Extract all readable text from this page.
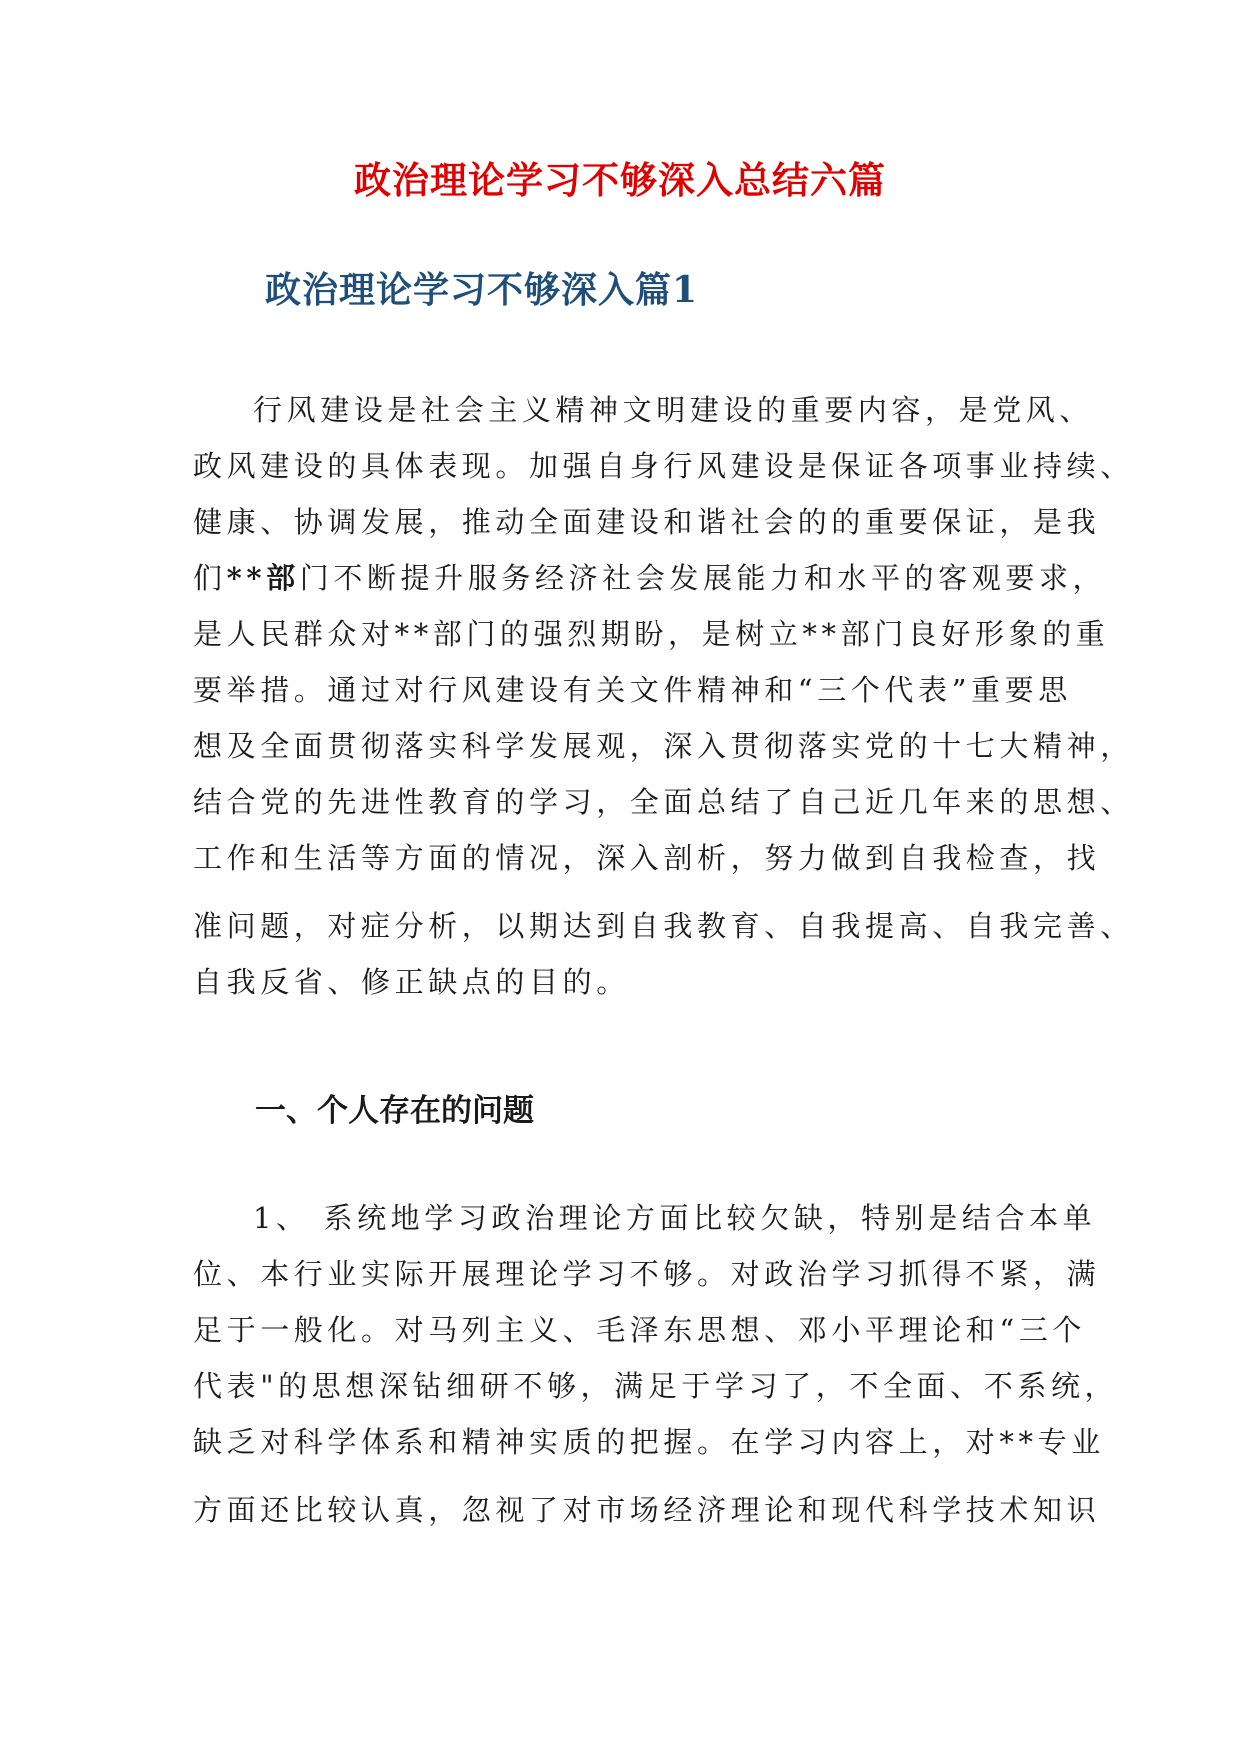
政治理论学习不够深入总结六篇
政治理论学习不够深入篇1

行风建设是社会主义精神文明建设的重要内容，是党风、

政风建设的具体表现。加强自身行风建设是保证各项事业持续、

健康、协调发展，推动全面建设和谐社会的的重要保证，是我

们**部门不断提升服务经济社会发展能力和水平的客观要求，

是人民群众对**部门的强烈期盼，是树立**部门良好形象的重

要举措。通过对行风建设有关文件精神和“三个代表”重要思

想及全面贯彻落实科学发展观，深入贯彻落实党的十七大精神，

结合党的先进性教育的学习，全面总结了自己近几年来的思想、

工作和生活等方面的情况，深入剖析，努力做到自我检查，找

准问题，对症分析，以期达到自我教育、自我提高、自我完善、

自我反省、修正缺点的目的。

一、个人存在的问题

1、 系统地学习政治理论方面比较欠缺，特别是结合本单

位、本行业实际开展理论学习不够。对政治学习抓得不紧，满

足于一般化。对马列主义、毛泽东思想、邓小平理论和“三个

代表"的思想深钻细研不够，满足于学习了，不全面、不系统，

缺乏对科学体系和精神实质的把握。在学习内容上，对**专业

方面还比较认真，忽视了对市场经济理论和现代科学技术知识
